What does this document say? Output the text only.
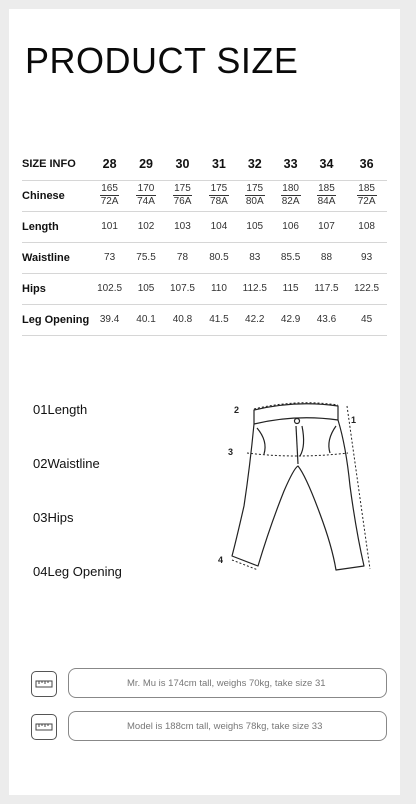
PRODUCT SIZE
SIZE INFO	28	29	30	31	32	33	34	36
Chinese	$\frac{165}{72A}$	$\frac{170}{74A}$	$\frac{175}{76A}$	$\frac{175}{78A}$	$\frac{175}{80A}$	$\frac{180}{82A}$	$\frac{185}{84A}$	$\frac{185}{72A}$

Length	101	102	103	104	105	106	107	108
Waistline	73	75.5	78	80.5	83	85.5	88	93
Hips	102.5	105	107.5	110	112.5	115	117.5	122.5
Leg Opening	39.4	40.1	40.8	41.5	42.2	42.9	43.6	45
01Length
02Waistline
03Hips
04Leg Opening
2
1
3
4
Mr. Mu is 174cm tall, weighs 70kg, take size 31
Model is 188cm tall, weighs 78kg, take size 33
